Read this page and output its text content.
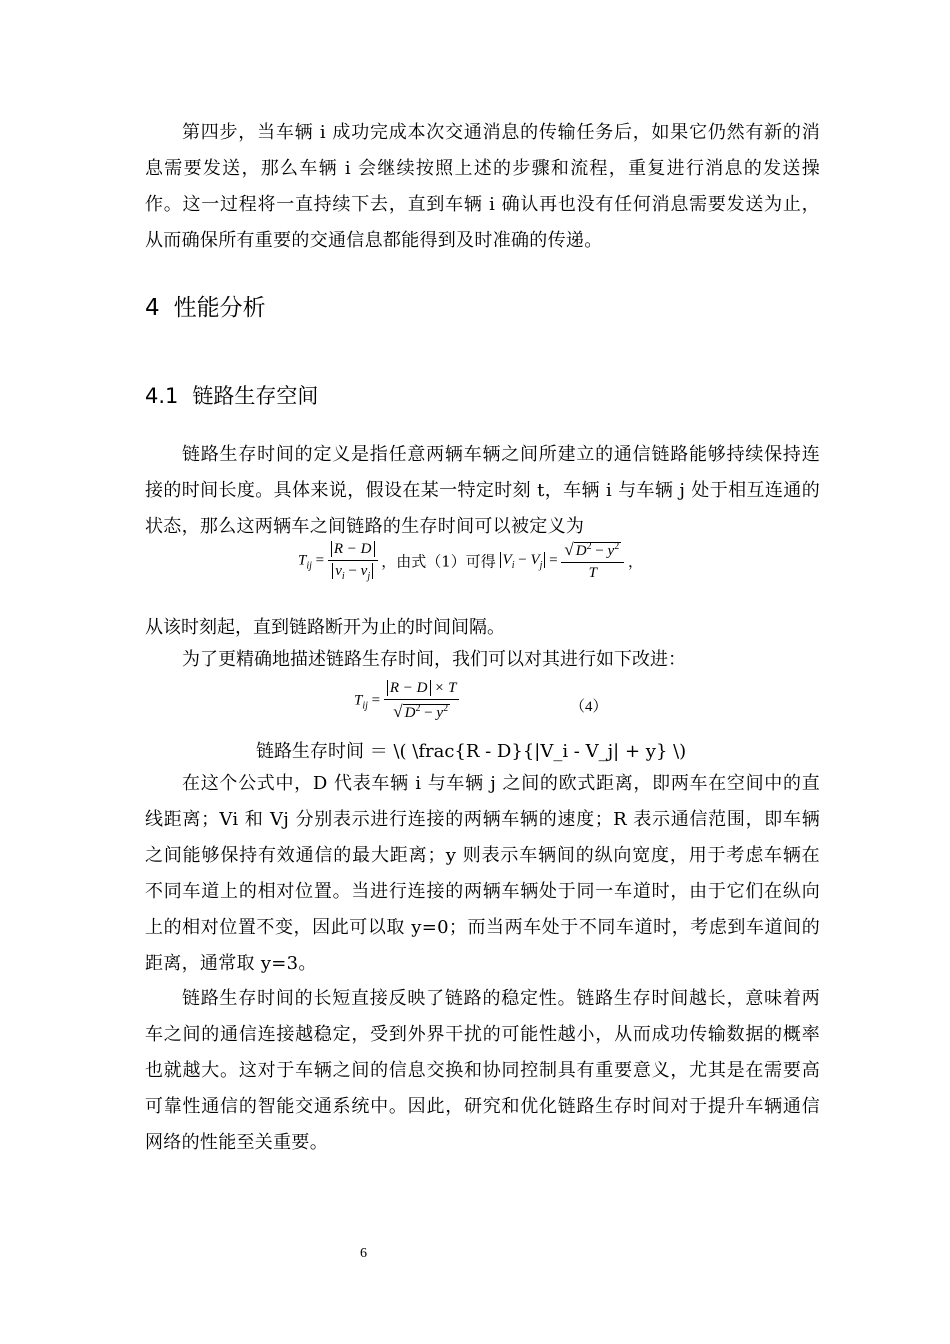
第四步，当车辆 i 成功完成本次交通消息的传输任务后，如果它仍然有新的消息需要发送，那么车辆 i 会继续按照上述的步骤和流程，重复进行消息的发送操作。这一过程将一直持续下去，直到车辆 i 确认再也没有任何消息需要发送为止，从而确保所有重要的交通信息都能得到及时准确的传递。

4 性能分析
4.1 链路生存空间

链路生存时间的定义是指任意两辆车辆之间所建立的通信链路能够持续保持连接的时间长度。具体来说，假设在某一特定时刻 t，车辆 i 与车辆 j 处于相互连通的状态，那么这两辆车之间链路的生存时间可以被定义为

$T_{ij} = \frac{R - D}{v_i - v_j}$ ，由式（1）可得 $V_i - V_j = \frac{√ D^2 - y^2}{T}$ ，

从该时刻起，直到链路断开为止的时间间隔。

为了更精确地描述链路生存时间，我们可以对其进行如下改进：

$T_{ij} = \frac{R - D \times T}{√ D^2 - y^2}$	（4）

链路生存时间 ＝ \( \frac{R - D}{|V_i - V_j| + y} \)

在这个公式中，D 代表车辆 i 与车辆 j 之间的欧式距离，即两车在空间中的直线距离；Vi 和 Vj 分别表示进行连接的两辆车辆的速度；R 表示通信范围，即车辆之间能够保持有效通信的最大距离；y 则表示车辆间的纵向宽度，用于考虑车辆在不同车道上的相对位置。当进行连接的两辆车辆处于同一车道时，由于它们在纵向上的相对位置不变，因此可以取 y=0；而当两车处于不同车道时，考虑到车道间的距离，通常取 y=3。

链路生存时间的长短直接反映了链路的稳定性。链路生存时间越长，意味着两车之间的通信连接越稳定，受到外界干扰的可能性越小，从而成功传输数据的概率也就越大。这对于车辆之间的信息交换和协同控制具有重要意义，尤其是在需要高可靠性通信的智能交通系统中。因此，研究和优化链路生存时间对于提升车辆通信网络的性能至关重要。

6
